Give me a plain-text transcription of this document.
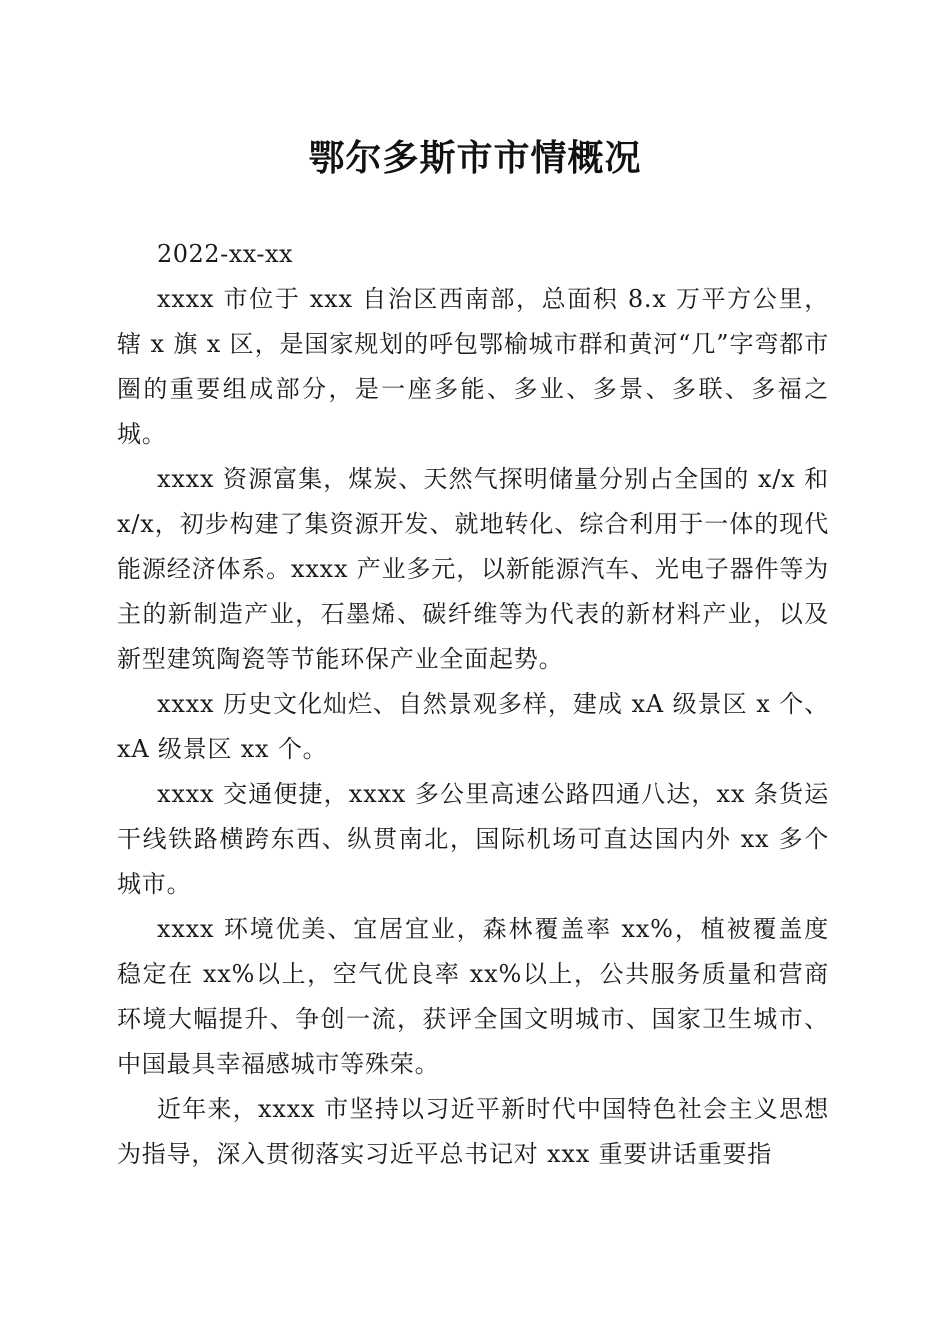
鄂尔多斯市市情概况

2022-xx-xx

xxxx 市位于 xxx 自治区西南部，总面积 8.x 万平方公里，辖 x 旗 x 区，是国家规划的呼包鄂榆城市群和黄河“几”字弯都市圈的重要组成部分，是一座多能、多业、多景、多联、多福之城。

xxxx 资源富集，煤炭、天然气探明储量分别占全国的 x/x 和 x/x，初步构建了集资源开发、就地转化、综合利用于一体的现代能源经济体系。xxxx 产业多元，以新能源汽车、光电子器件等为主的新制造产业，石墨烯、碳纤维等为代表的新材料产业，以及新型建筑陶瓷等节能环保产业全面起势。

xxxx 历史文化灿烂、自然景观多样，建成 xA 级景区 x 个、xA 级景区 xx 个。

xxxx 交通便捷，xxxx 多公里高速公路四通八达，xx 条货运干线铁路横跨东西、纵贯南北，国际机场可直达国内外 xx 多个城市。

xxxx 环境优美、宜居宜业，森林覆盖率 xx%，植被覆盖度稳定在 xx%以上，空气优良率 xx%以上，公共服务质量和营商环境大幅提升、争创一流，获评全国文明城市、国家卫生城市、中国最具幸福感城市等殊荣。

近年来，xxxx 市坚持以习近平新时代中国特色社会主义思想为指导，深入贯彻落实习近平总书记对 xxx 重要讲话重要指
